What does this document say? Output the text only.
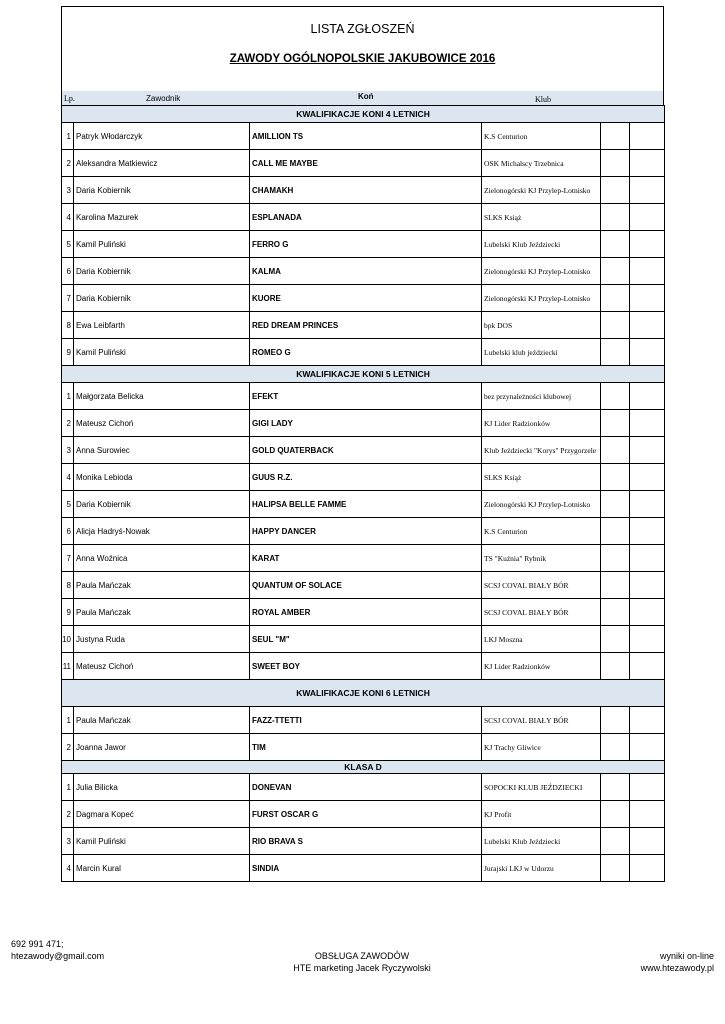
LISTA ZGŁOSZEŃ
ZAWODY OGÓLNOPOLSKIE JAKUBOWICE 2016
Lp.	Zawodnik	Koń	Klub
KWALIFIKACJE KONI 4 LETNICH					
1	Patryk Włodarczyk	AMILLION TS	K.S Centurion		
2	Aleksandra Matkiewicz	CALL ME MAYBE	OSK Michalscy Trzebnica		
3	Daria Kobiernik	CHAMAKH	Zielonogórski KJ Przylep-Lotnisko		
4	Karolina Mazurek	ESPLANADA	SLKS Książ		
5	Kamil Puliński	FERRO G	Lubelski Klub Jeździecki		
6	Daria Kobiernik	KALMA	Zielonogórski KJ Przylep-Lotnisko		
7	Daria Kobiernik	KUORE	Zielonogórski KJ Przylep-Lotnisko		
8	Ewa Leibfarth	RED DREAM PRINCES	bpk DOS		
9	Kamil Puliński	ROMEO G	Lubelski klub jeździecki		
KWALIFIKACJE KONI 5 LETNICH					
1	Małgorzata Belicka	EFEKT	bez przynależności klubowej		
2	Mateusz Cichoń	GIGI LADY	KJ Lider Radzionków		
3	Anna Surowiec	GOLD QUATERBACK	Klub Jeździecki "Korys" Przygorzele		
4	Monika Lebioda	GUUS R.Z.	SLKS Książ		
5	Daria Kobiernik	HALIPSA BELLE FAMME	Zielonogórski KJ Przylep-Lotnisko		
6	Alicja Hadryś-Nowak	HAPPY DANCER	K.S Centurion		
7	Anna Woźnica	KARAT	TS "Kuźnia" Rybnik		
8	Paula Mańczak	QUANTUM OF SOLACE	SCSJ COVAL BIAŁY BÓR		
9	Paula Mańczak	ROYAL AMBER	SCSJ COVAL BIAŁY BÓR		
10	Justyna Ruda	SEUL "M"	LKJ Moszna		
11	Mateusz Cichoń	SWEET BOY	KJ Lider Radzionków		
KWALIFIKACJE KONI 6 LETNICH					
1	Paula Mańczak	FAZZ-TTETTI	SCSJ COVAL BIAŁY BÓR		
2	Joanna Jawor	TIM	KJ Trachy Gliwice		
KLASA D					
1	Julia Bilicka	DONEVAN	SOPOCKI KLUB JEŹDZIECKI		
2	Dagmara Kopeć	FURST OSCAR G	KJ Profit		
3	Kamil Puliński	RIO BRAVA S	Lubelski Klub Jeździecki		
4	Marcin Kural	SINDIA	Jurajski LKJ w Udorzu		
692 991 471;
htezawody@gmail.com	OBSŁUGA ZAWODÓW
HTE marketing Jacek Ryczywolski
wyniki on-line
www.htezawody.pl
